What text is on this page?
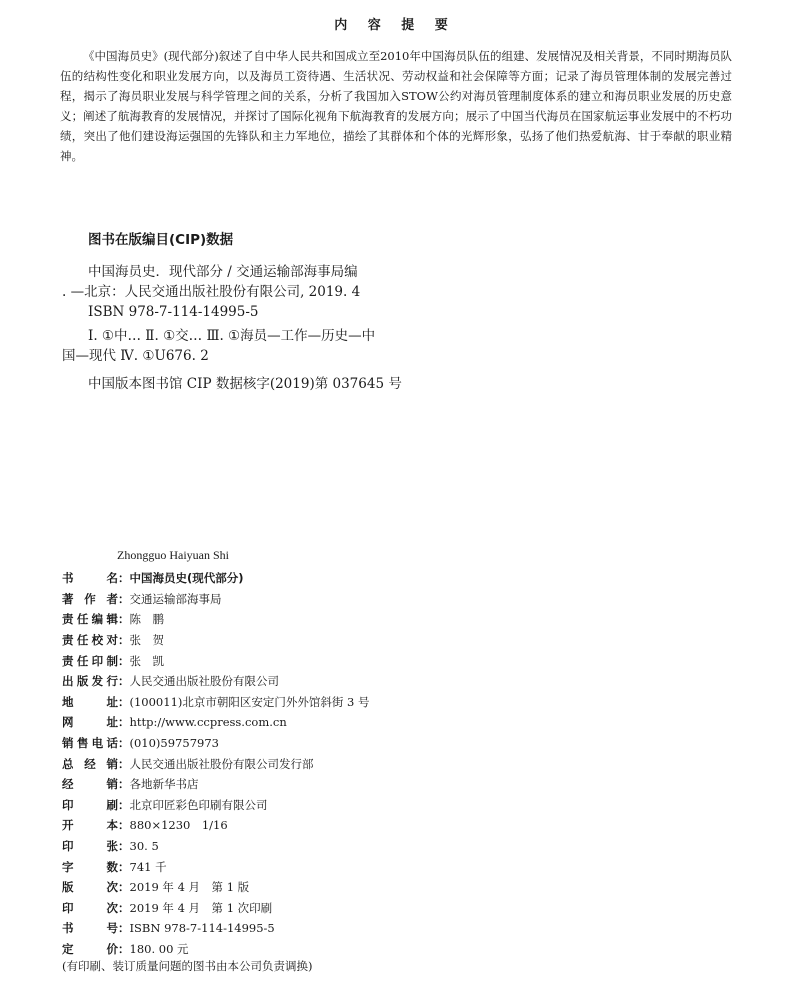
内 容 提 要

《中国海员史》(现代部分)叙述了自中华人民共和国成立至2010年中国海员队伍的组建、发展情况及相关背景，不同时期海员队伍的结构性变化和职业发展方向，以及海员工资待遇、生活状况、劳动权益和社会保障等方面；记录了海员管理体制的发展完善过程，揭示了海员职业发展与科学管理之间的关系，分析了我国加入STOW公约对海员管理制度体系的建立和海员职业发展的历史意义；阐述了航海教育的发展情况，并探讨了国际化视角下航海教育的发展方向；展示了中国当代海员在国家航运事业发展中的不朽功绩，突出了他们建设海运强国的先锋队和主力军地位，描绘了其群体和个体的光辉形象，弘扬了他们热爱航海、甘于奉献的职业精神。

图书在版编目(CIP)数据

中国海员史．现代部分 / 交通运输部海事局编

. —北京：人民交通出版社股份有限公司, 2019. 4

ISBN 978-7-114-14995-5

Ⅰ. ①中… Ⅱ. ①交… Ⅲ. ①海员—工作—历史—中

国—现代 Ⅳ. ①U676. 2

中国版本图书馆 CIP 数据核字(2019)第 037645 号

Zhongguo Haiyuan Shi

书名 ： 中国海员史(现代部分)
著作者 ： 交通运输部海事局
责任编辑 ： 陈　鹏
责任校对 ： 张　贺
责任印制 ： 张　凯
出版发行 ： 人民交通出版社股份有限公司
地址 ： (100011)北京市朝阳区安定门外外馆斜街 3 号
网址 ： http://www.ccpress.com.cn
销售电话 ： (010)59757973
总经销 ： 人民交通出版社股份有限公司发行部
经销 ： 各地新华书店
印刷 ： 北京印匠彩色印刷有限公司
开本 ： 880×1230　1/16
印张 ： 30. 5
字数 ： 741 千
版次 ： 2019 年 4 月　第 1 版
印次 ： 2019 年 4 月　第 1 次印刷
书号 ： ISBN 978-7-114-14995-5
定价 ： 180. 00 元

(有印刷、装订质量问题的图书由本公司负责调换)
